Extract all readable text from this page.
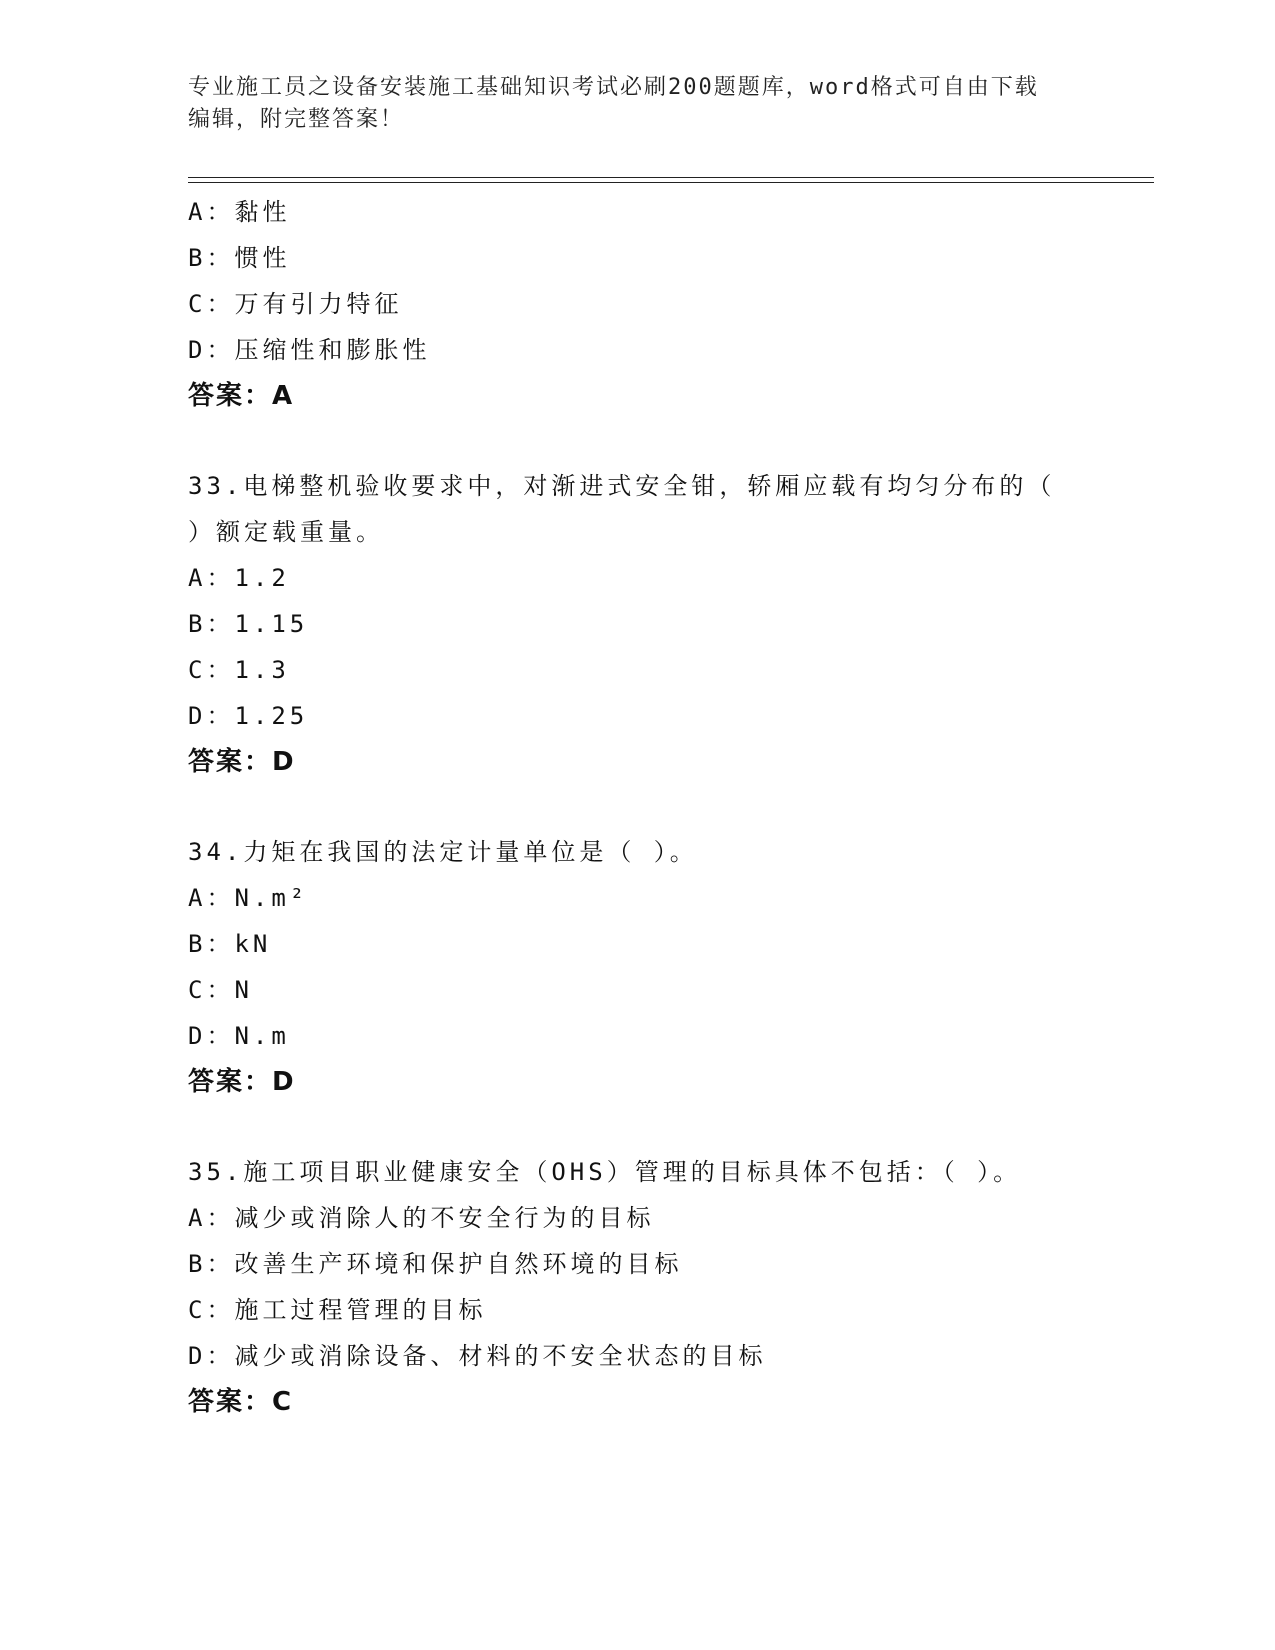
专业施工员之设备安装施工基础知识考试必刷200题题库，word格式可自由下载
编辑，附完整答案！
A：黏性
B：惯性
C：万有引力特征
D：压缩性和膨胀性
答案：A
33.电梯整机验收要求中，对渐进式安全钳，轿厢应载有均匀分布的（
）额定载重量。
A：1.2
B：1.15
C：1.3
D：1.25
答案：D
34.力矩在我国的法定计量单位是（ ）。
A：N.m²
B：kN
C：N
D：N.m
答案：D
35.施工项目职业健康安全（OHS）管理的目标具体不包括：（ ）。
A：减少或消除人的不安全行为的目标
B：改善生产环境和保护自然环境的目标
C：施工过程管理的目标
D：减少或消除设备、材料的不安全状态的目标
答案：C
